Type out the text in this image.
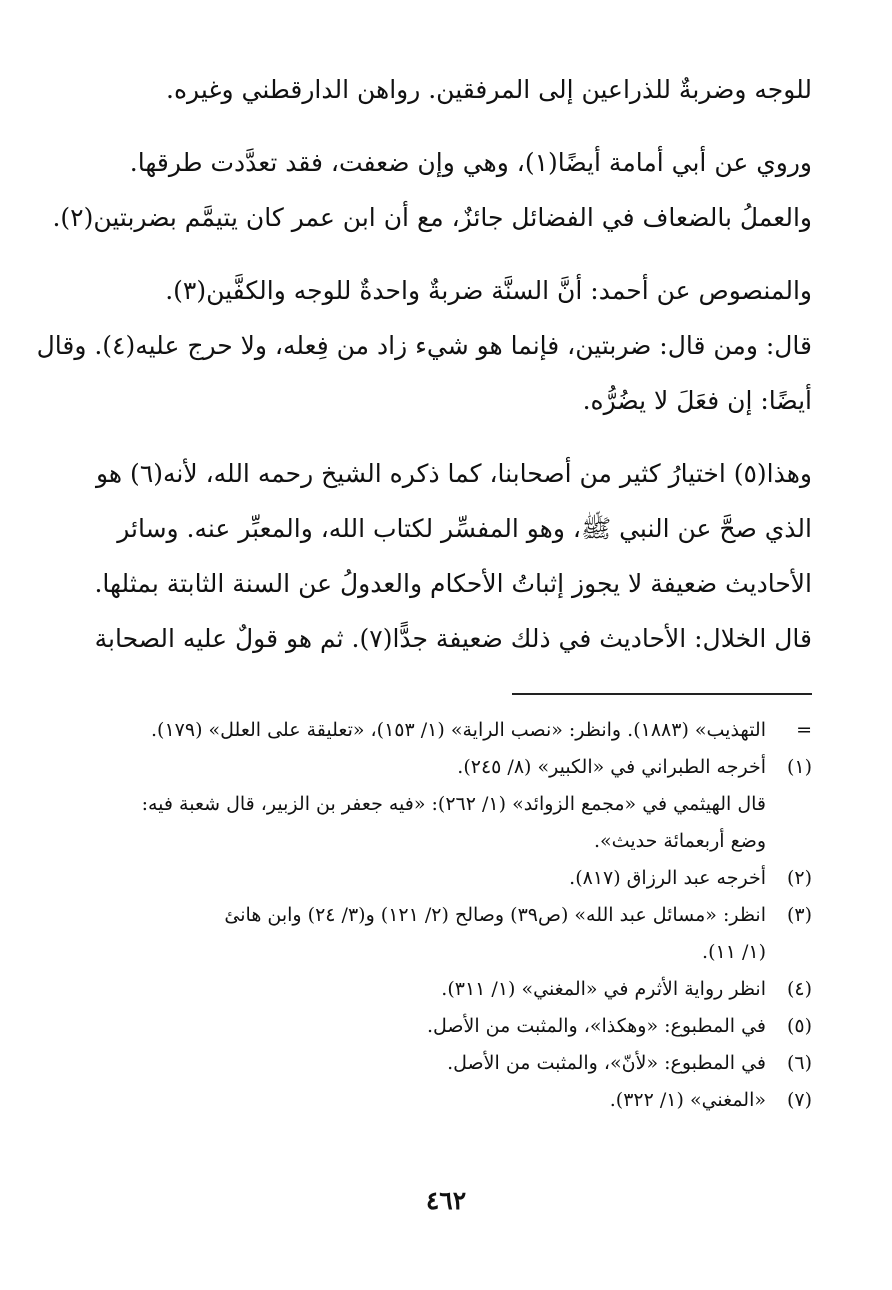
للوجه وضربةٌ للذراعين إلى المرفقين. رواهن الدارقطني وغيره.

وروي عن أبي أمامة أيضًا(١)، وهي وإن ضعفت، فقد تعدَّدت طرقها.
والعملُ بالضعاف في الفضائل جائزٌ، مع أن ابن عمر كان يتيمَّم بضربتين(٢).

والمنصوص عن أحمد: أنَّ السنَّة ضربةٌ واحدةٌ للوجه والكفَّين(٣).
قال: ومن قال: ضربتين، فإنما هو شيء زاد من فِعله، ولا حرج عليه(٤). وقال
أيضًا: إن فعَلَ لا يضُرُّه.

وهذا(٥) اختيارُ كثير من أصحابنا، كما ذكره الشيخ رحمه الله، لأنه(٦) هو
الذي صحَّ عن النبي ﷺ، وهو المفسِّر لكتاب الله، والمعبِّر عنه. وسائر
الأحاديث ضعيفة لا يجوز إثباتُ الأحكام والعدولُ عن السنة الثابتة بمثلها.
قال الخلال: الأحاديث في ذلك ضعيفة جدًّا(٧). ثم هو قولٌ عليه الصحابة

=
التهذيب» (١٨٨٣). وانظر: «نصب الراية» (١/ ١٥٣)، «تعليقة على العلل» (١٧٩).
(١)
أخرجه الطبراني في «الكبير» (٨/ ٢٤٥).
قال الهيثمي في «مجمع الزوائد» (١/ ٢٦٢): «فيه جعفر بن الزبير، قال شعبة فيه:
وضع أربعمائة حديث».
(٢)
أخرجه عبد الرزاق (٨١٧).
(٣)
انظر: «مسائل عبد الله» (ص٣٩) وصالح (٢/ ١٢١) و(٣/ ٢٤) وابن هانئ
(١/ ١١).
(٤)
انظر رواية الأثرم في «المغني» (١/ ٣١١).
(٥)
في المطبوع: «وهكذا»، والمثبت من الأصل.
(٦)
في المطبوع: «لأنّ»، والمثبت من الأصل.
(٧)
«المغني» (١/ ٣٢٢).
٤٦٢
